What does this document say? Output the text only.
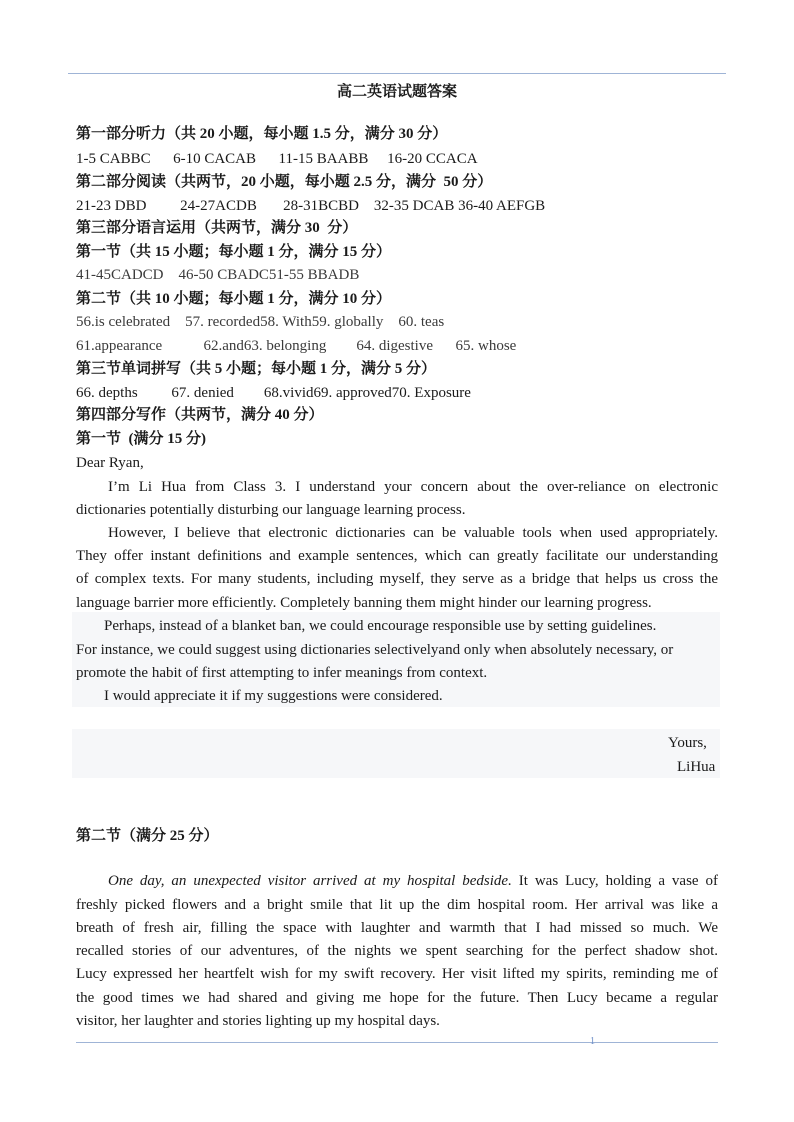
高二英语试题答案
第一部分听力（共 20 小题，每小题 1.5 分，满分 30 分）
1-5 CABBC      6-10 CACAB      11-15 BAABB     16-20 CCACA
第二部分阅读（共两节，20 小题，每小题 2.5 分，满分  50 分）
21-23 DBD         24-27ACDB       28-31BCBD    32-35 DCAB 36-40 AEFGB
第三部分语言运用（共两节，满分 30  分）
第一节（共 15 小题；每小题 1 分，满分 15 分）
41-45CADCD    46-50 CBADC51-55 BBADB
第二节（共 10 小题；每小题 1 分，满分 10 分）
56.is celebrated    57. recorded58. With59. globally    60. teas
61.appearance           62.and63. belonging        64. digestive      65. whose
第三节单词拼写（共 5 小题；每小题 1 分，满分 5 分）
66. depths         67. denied        68.vivid69. approved70. Exposure
第四部分写作（共两节，满分 40 分）
第一节  (满分 15 分)
Dear Ryan,
I’m Li Hua from Class 3. I understand your concern about the over-reliance on electronic
dictionaries potentially disturbing our language learning process.
However, I believe that electronic dictionaries can be valuable tools when used appropriately.
They offer instant definitions and example sentences, which can greatly facilitate our understanding
of complex texts. For many students, including myself, they serve as a bridge that helps us cross the
language barrier more efficiently. Completely banning them might hinder our learning progress.
Perhaps, instead of a blanket ban, we could encourage responsible use by setting guidelines.
For instance, we could suggest using dictionaries selectivelyand only when absolutely necessary, or
promote the habit of first attempting to infer meanings from context.
I would appreciate it if my suggestions were considered.
Yours,
LiHua
第二节（满分 25 分）
One day, an unexpected visitor arrived at my hospital bedside. It was Lucy, holding a vase of
freshly picked flowers and a bright smile that lit up the dim hospital room. Her arrival was like a
breath of fresh air, filling the space with laughter and warmth that I had missed so much. We
recalled stories of our adventures, of the nights we spent searching for the perfect shadow shot.
Lucy expressed her heartfelt wish for my swift recovery. Her visit lifted my spirits, reminding me of
the good times we had shared and giving me hope for the future. Then Lucy became a regular
visitor, her laughter and stories lighting up my hospital days.
1
